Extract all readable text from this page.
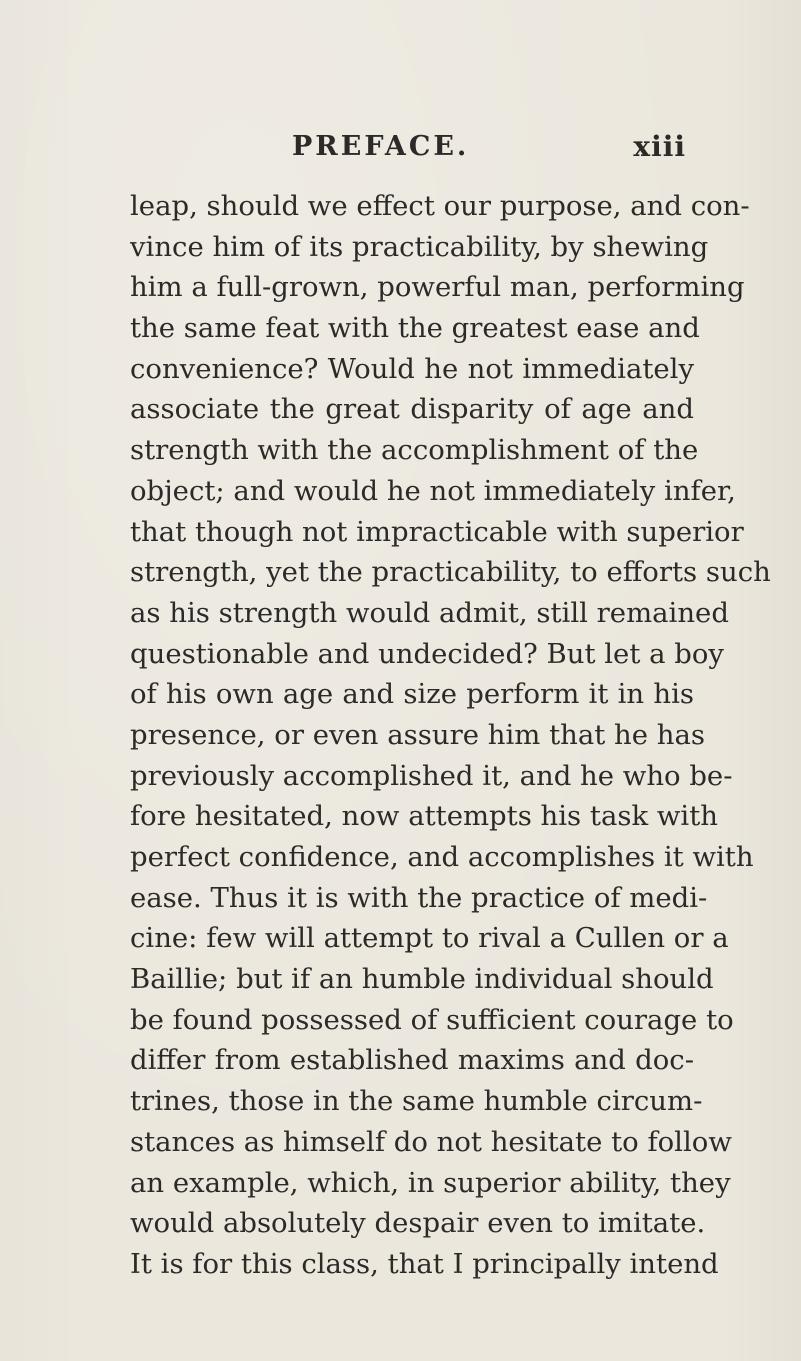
PREFACE.	xiii
leap, should we effect our purpose, and con-
vince him of its practicability, by shewing
him a full-grown, powerful man, performing
the same feat with the greatest ease and
convenience? Would he not immediately
associate the great disparity of age and
strength with the accomplishment of the
object; and would he not immediately infer,
that though not impracticable with superior
strength, yet the practicability, to efforts such
as his strength would admit, still remained
questionable and undecided? But let a boy
of his own age and size perform it in his
presence, or even assure him that he has
previously accomplished it, and he who be-
fore hesitated, now attempts his task with
perfect confidence, and accomplishes it with
ease. Thus it is with the practice of medi-
cine: few will attempt to rival a Cullen or a
Baillie; but if an humble individual should
be found possessed of sufficient courage to
differ from established maxims and doc-
trines, those in the same humble circum-
stances as himself do not hesitate to follow
an example, which, in superior ability, they
would absolutely despair even to imitate.
It is for this class, that I principally intend
